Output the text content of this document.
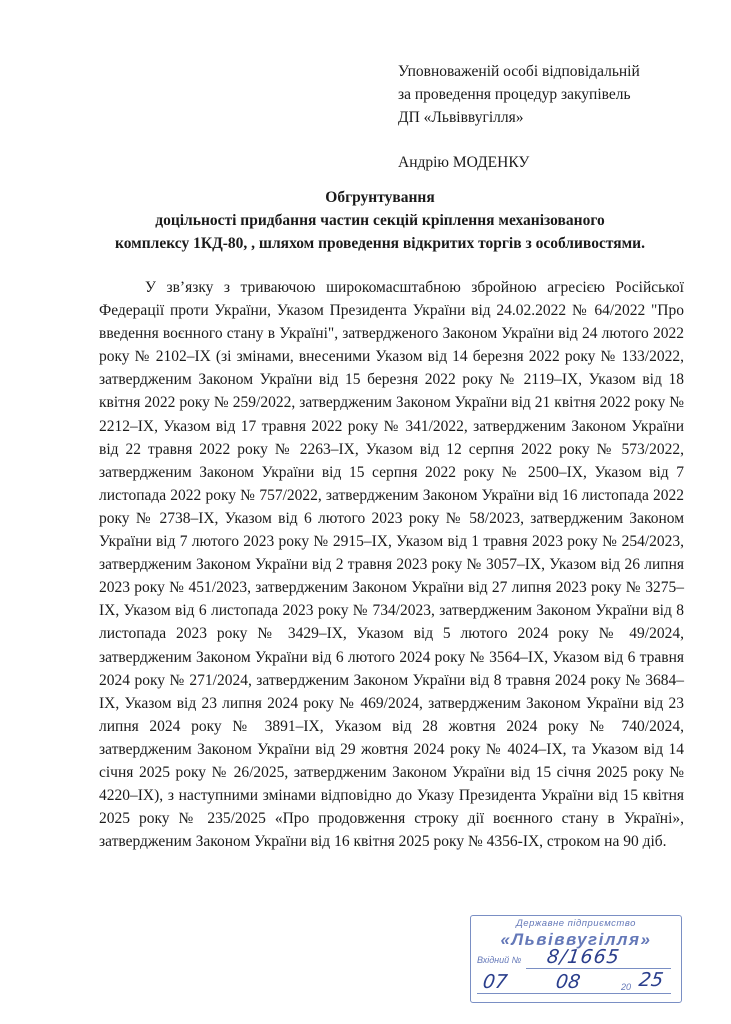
Уповноваженій особі відповідальній
за проведення процедур закупівель
ДП «Львіввугілля»
Андрію МОДЕНКУ
Обгрунтування
доцільності придбання частин секцій кріплення механізованого
комплексу 1КД-80, , шляхом проведення відкритих торгів з особливостями.

У зв’язку з триваючою широкомасштабною збройною агресією Російської Федерації проти України, Указом Президента України від 24.02.2022 № 64/2022 "Про введення воєнного стану в Україні", затвердженого Законом України від 24 лютого 2022 року № 2102–IX (зі змінами, внесеними Указом від 14 березня 2022 року № 133/2022, затвердженим Законом України від 15 березня 2022 року № 2119–IX, Указом від 18 квітня 2022 року № 259/2022, затвердженим Законом України від 21 квітня 2022 року № 2212–IX, Указом від 17 травня 2022 року № 341/2022, затвердженим Законом України від 22 травня 2022 року № 2263–IX, Указом від 12 серпня 2022 року № 573/2022, затвердженим Законом України від 15 серпня 2022 року № 2500–IX, Указом від 7 листопада 2022 року № 757/2022, затвердженим Законом України від 16 листопада 2022 року № 2738–IX, Указом від 6 лютого 2023 року № 58/2023, затвердженим Законом України від 7 лютого 2023 року № 2915–IX, Указом від 1 травня 2023 року № 254/2023, затвердженим Законом України від 2 травня 2023 року № 3057–IX, Указом від 26 липня 2023 року № 451/2023, затвердженим Законом України від 27 липня 2023 року № 3275–IX, Указом від 6 листопада 2023 року № 734/2023, затвердженим Законом України від 8 листопада 2023 року № 3429–IX, Указом від 5 лютого 2024 року № 49/2024, затвердженим Законом України від 6 лютого 2024 року № 3564–IX, Указом від 6 травня 2024 року № 271/2024, затвердженим Законом України від 8 травня 2024 року № 3684–IX, Указом від 23 липня 2024 року № 469/2024, затвердженим Законом України від 23 липня 2024 року № 3891–IX, Указом від 28 жовтня 2024 року № 740/2024, затвердженим Законом України від 29 жовтня 2024 року № 4024–IX, та Указом від 14 січня 2025 року № 26/2025, затвердженим Законом України від 15 січня 2025 року № 4220–IX), з наступними змінами відповідно до Указу Президента України від 15 квітня 2025 року № 235/2025 «Про продовження строку дії воєнного стану в Україні», затвердженим Законом України від 16 квітня 2025 року № 4356-IX, строком на 90 діб.

Державне підприємство
«Львіввугілля»
Вхідний № 8/1665
07 08	20 25
